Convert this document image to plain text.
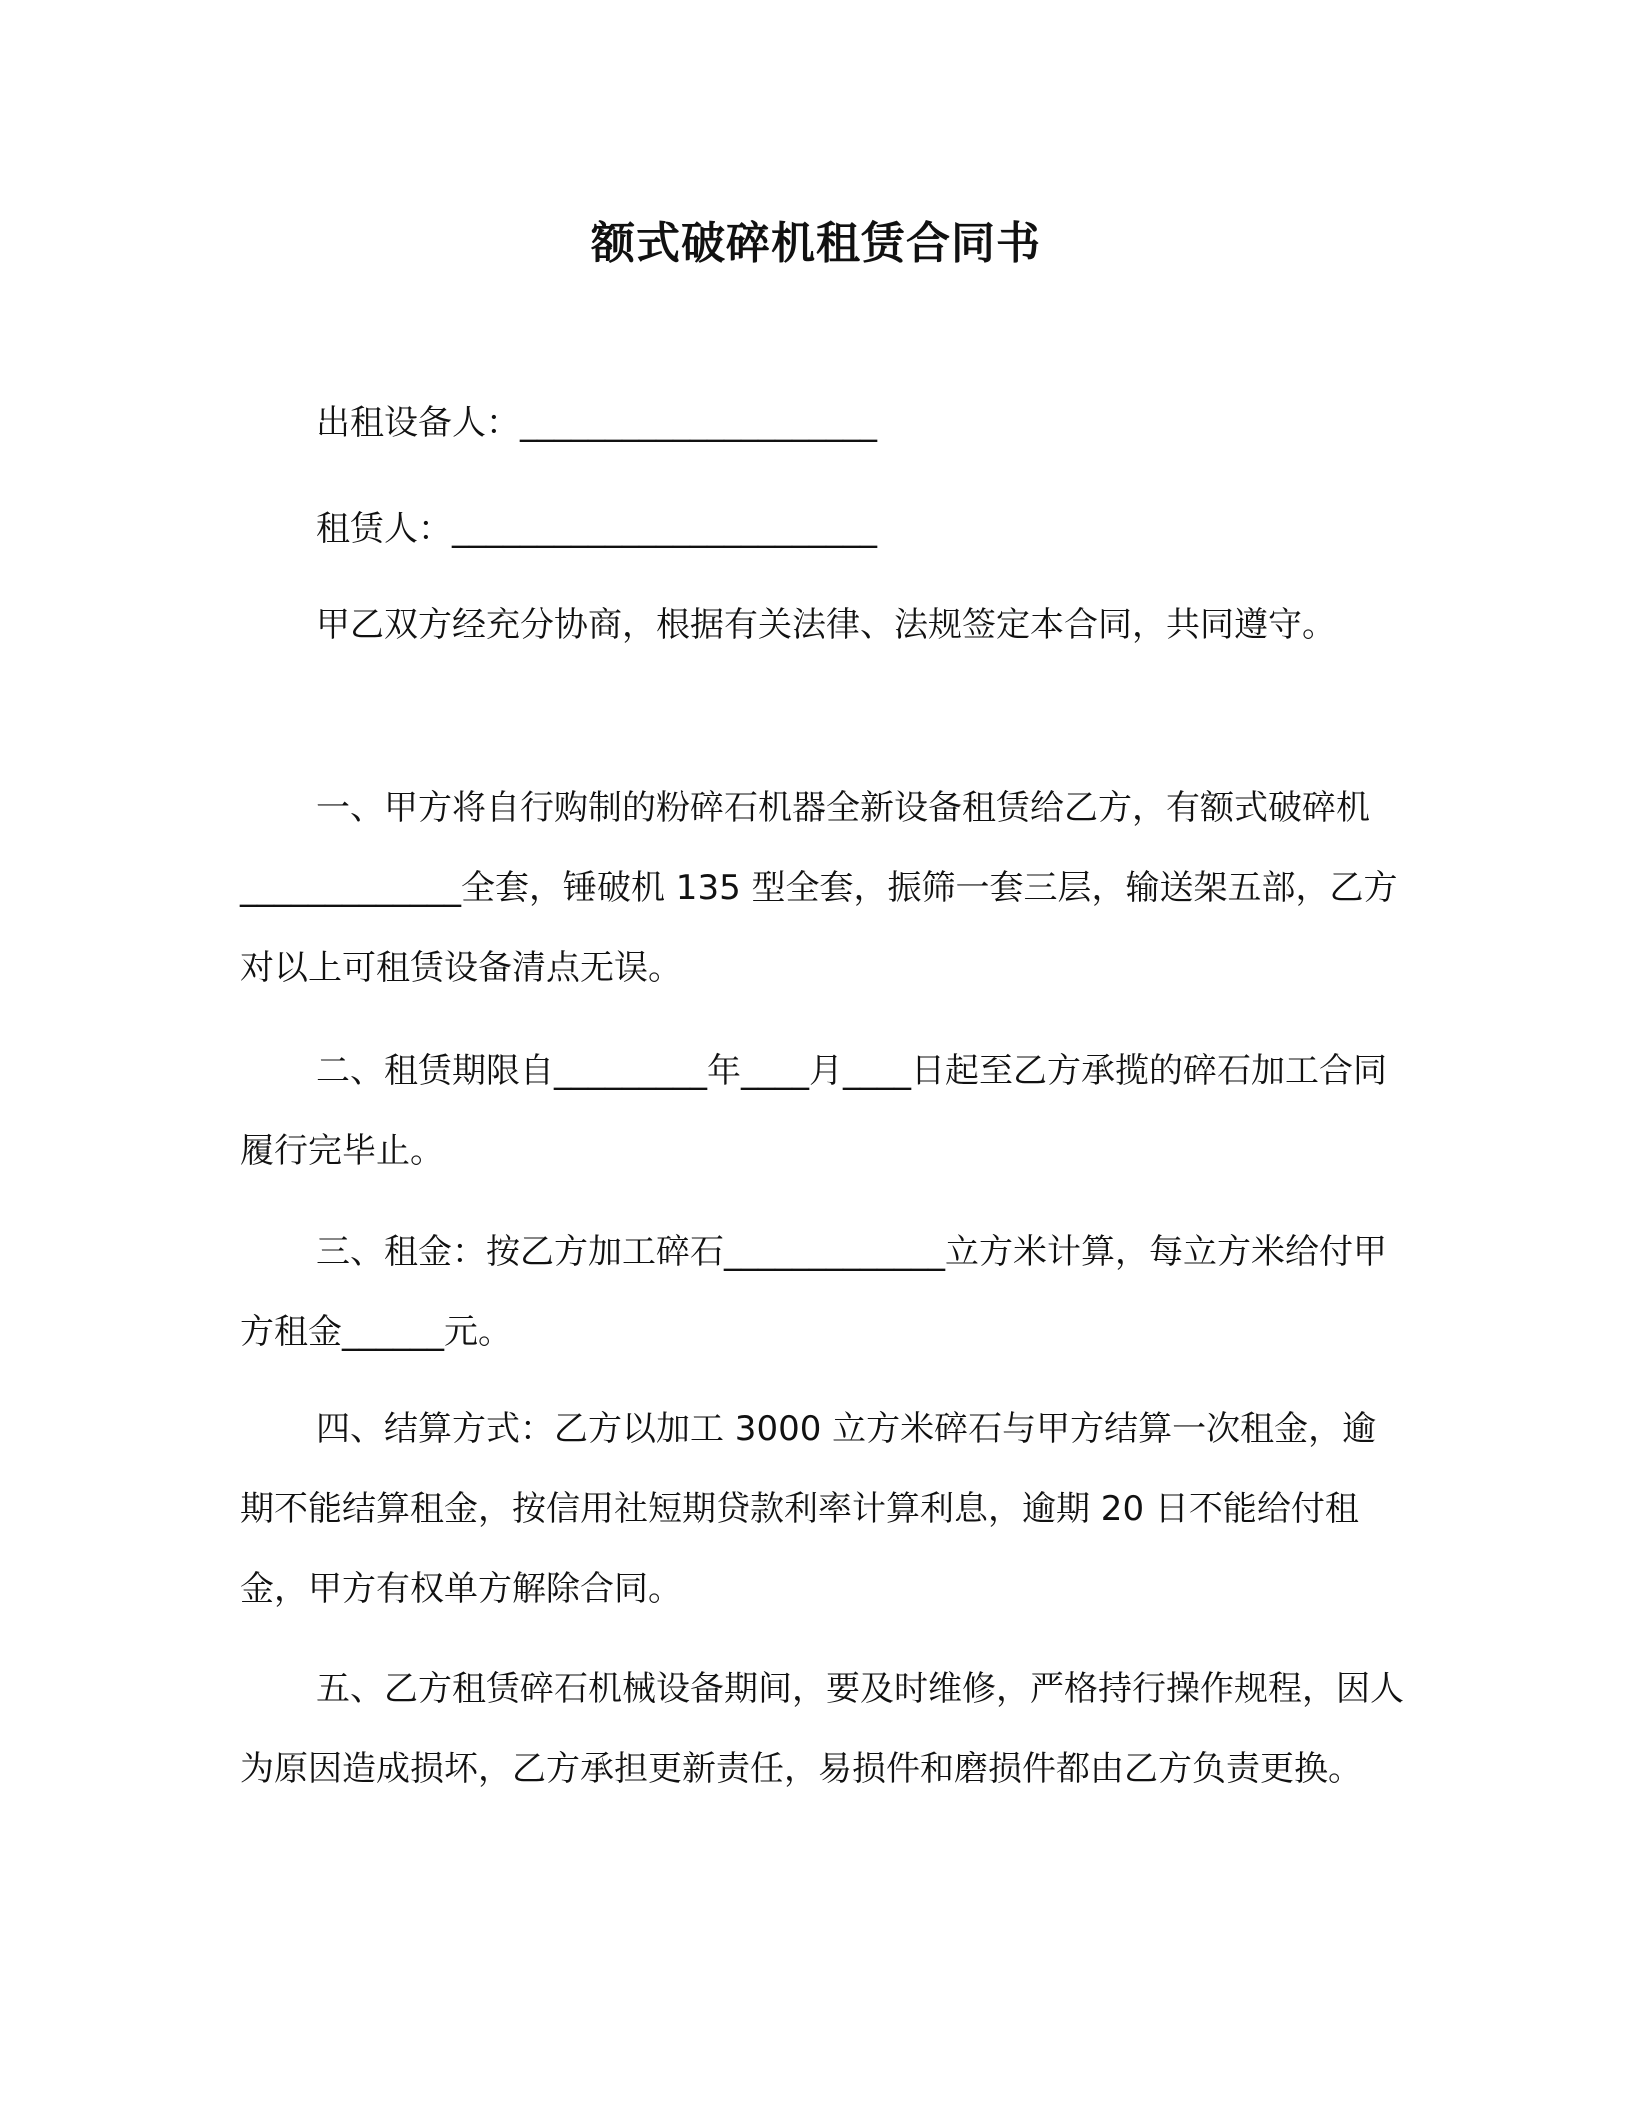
额式破碎机租赁合同书

出租设备人：_____________________

租赁人：_________________________

甲乙双方经充分协商，根据有关法律、法规签定本合同，共同遵守。

一、甲方将自行购制的粉碎石机器全新设备租赁给乙方，有额式破碎机_____________全套，锤破机 135 型全套，振筛一套三层，输送架五部，乙方对以上可租赁设备清点无误。

二、租赁期限自_________年____月____日起至乙方承揽的碎石加工合同履行完毕止。

三、租金：按乙方加工碎石_____________立方米计算，每立方米给付甲方租金______元。

四、结算方式：乙方以加工 3000 立方米碎石与甲方结算一次租金，逾期不能结算租金，按信用社短期贷款利率计算利息，逾期 20 日不能给付租金，甲方有权单方解除合同。

五、乙方租赁碎石机械设备期间，要及时维修，严格持行操作规程，因人为原因造成损坏，乙方承担更新责任，易损件和磨损件都由乙方负责更换。
